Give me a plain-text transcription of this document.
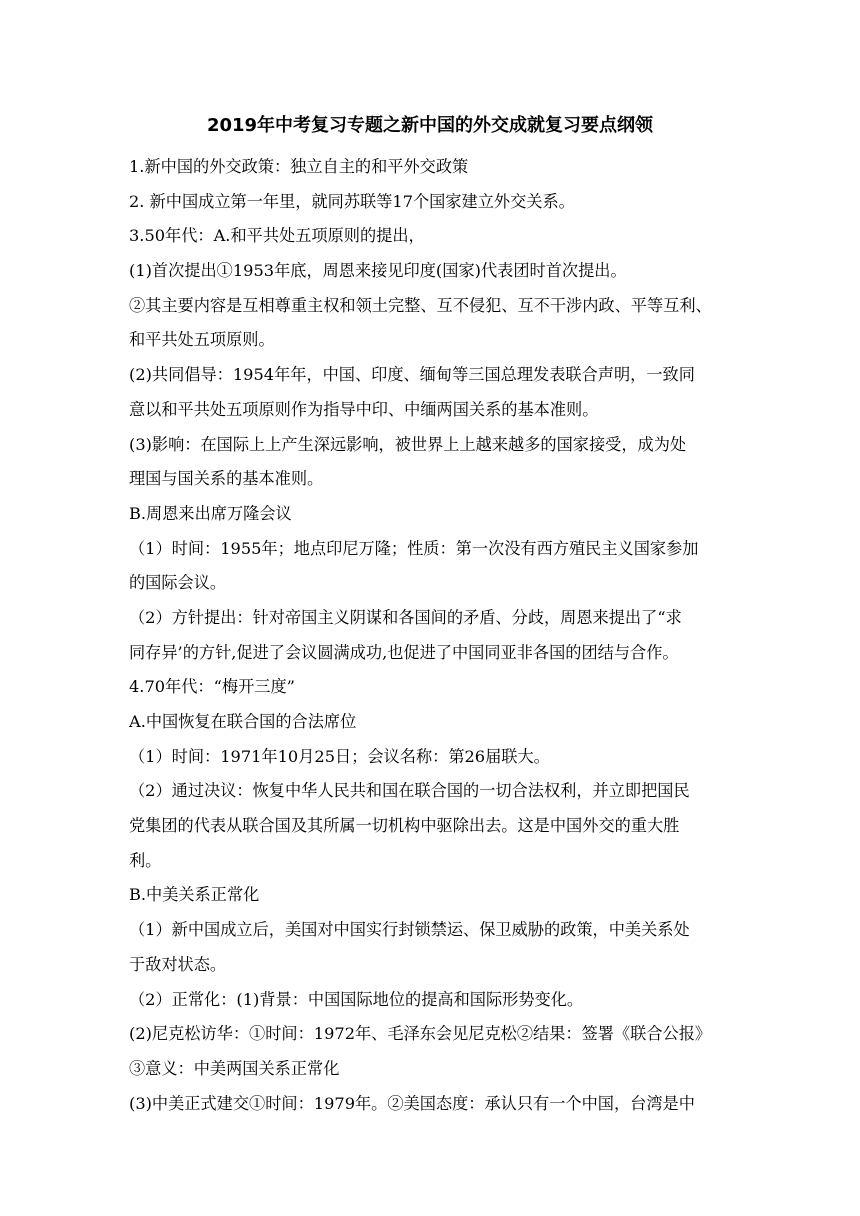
2019年中考复习专题之新中国的外交成就复习要点纲领
1.新中国的外交政策：独立自主的和平外交政策
2. 新中国成立第一年里，就同苏联等17个国家建立外交关系。
3.50年代：A.和平共处五项原则的提出，
(1)首次提出①1953年底，周恩来接见印度(国家)代表团时首次提出。
②其主要内容是互相尊重主权和领土完整、互不侵犯、互不干涉内政、平等互利、
和平共处五项原则。
(2)共同倡导：1954年年，中国、印度、缅甸等三国总理发表联合声明，一致同
意以和平共处五项原则作为指导中印、中缅两国关系的基本准则。
(3)影响：在国际上上产生深远影响，被世界上上越来越多的国家接受，成为处
理国与国关系的基本准则。
B.周恩来出席万隆会议
（1）时间：1955年；地点印尼万隆；性质：第一次没有西方殖民主义国家参加
的国际会议。
（2）方针提出：针对帝国主义阴谋和各国间的矛盾、分歧，周恩来提出了“求
同存异’的方针,促进了会议圆满成功,也促进了中国同亚非各国的团结与合作。
4.70年代：“梅开三度”
A.中国恢复在联合国的合法席位
（1）时间：1971年10月25日；会议名称：第26届联大。
（2）通过决议：恢复中华人民共和国在联合国的一切合法权利，并立即把国民
党集团的代表从联合国及其所属一切机构中驱除出去。这是中国外交的重大胜
利。
B.中美关系正常化
（1）新中国成立后，美国对中国实行封锁禁运、保卫威胁的政策，中美关系处
于敌对状态。
（2）正常化：(1)背景：中国国际地位的提高和国际形势变化。
(2)尼克松访华：①时间：1972年、毛泽东会见尼克松②结果：签署《联合公报》
③意义：中美两国关系正常化
(3)中美正式建交①时间：1979年。②美国态度：承认只有一个中国，台湾是中
